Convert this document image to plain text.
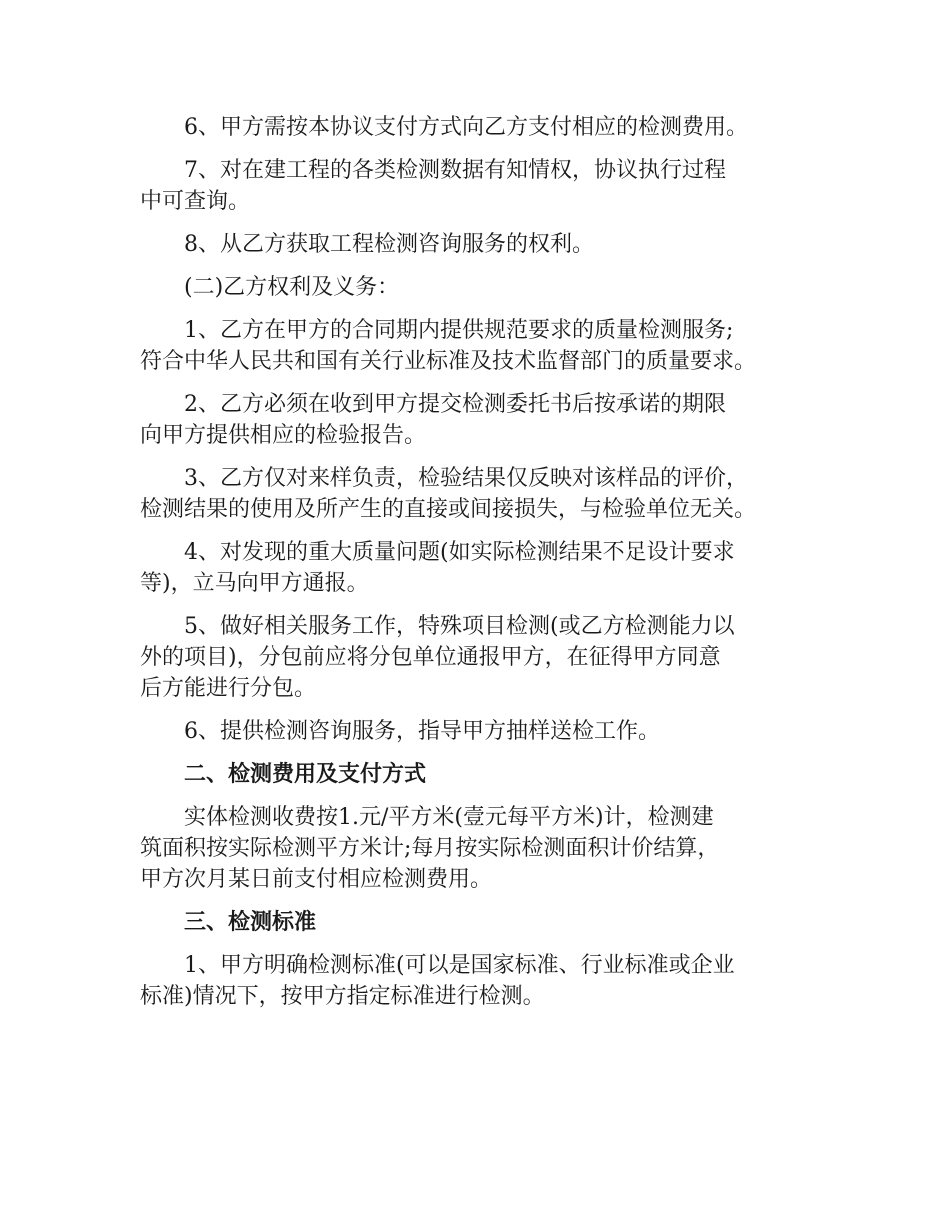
6、甲方需按本协议支付方式向乙方支付相应的检测费用。

7、对在建工程的各类检测数据有知情权，协议执行过程
中可查询。

8、从乙方获取工程检测咨询服务的权利。

(二)乙方权利及义务：

1、乙方在甲方的合同期内提供规范要求的质量检测服务;
符合中华人民共和国有关行业标准及技术监督部门的质量要求。

2、乙方必须在收到甲方提交检测委托书后按承诺的期限
向甲方提供相应的检验报告。

3、乙方仅对来样负责，检验结果仅反映对该样品的评价，
检测结果的使用及所产生的直接或间接损失，与检验单位无关。

4、对发现的重大质量问题(如实际检测结果不足设计要求
等)，立马向甲方通报。

5、做好相关服务工作，特殊项目检测(或乙方检测能力以
外的项目)，分包前应将分包单位通报甲方，在征得甲方同意
后方能进行分包。

6、提供检测咨询服务，指导甲方抽样送检工作。

二、检测费用及支付方式

实体检测收费按1.元/平方米(壹元每平方米)计，检测建
筑面积按实际检测平方米计;每月按实际检测面积计价结算，
甲方次月某日前支付相应检测费用。

三、检测标准

1、甲方明确检测标准(可以是国家标准、行业标准或企业
标准)情况下，按甲方指定标准进行检测。
